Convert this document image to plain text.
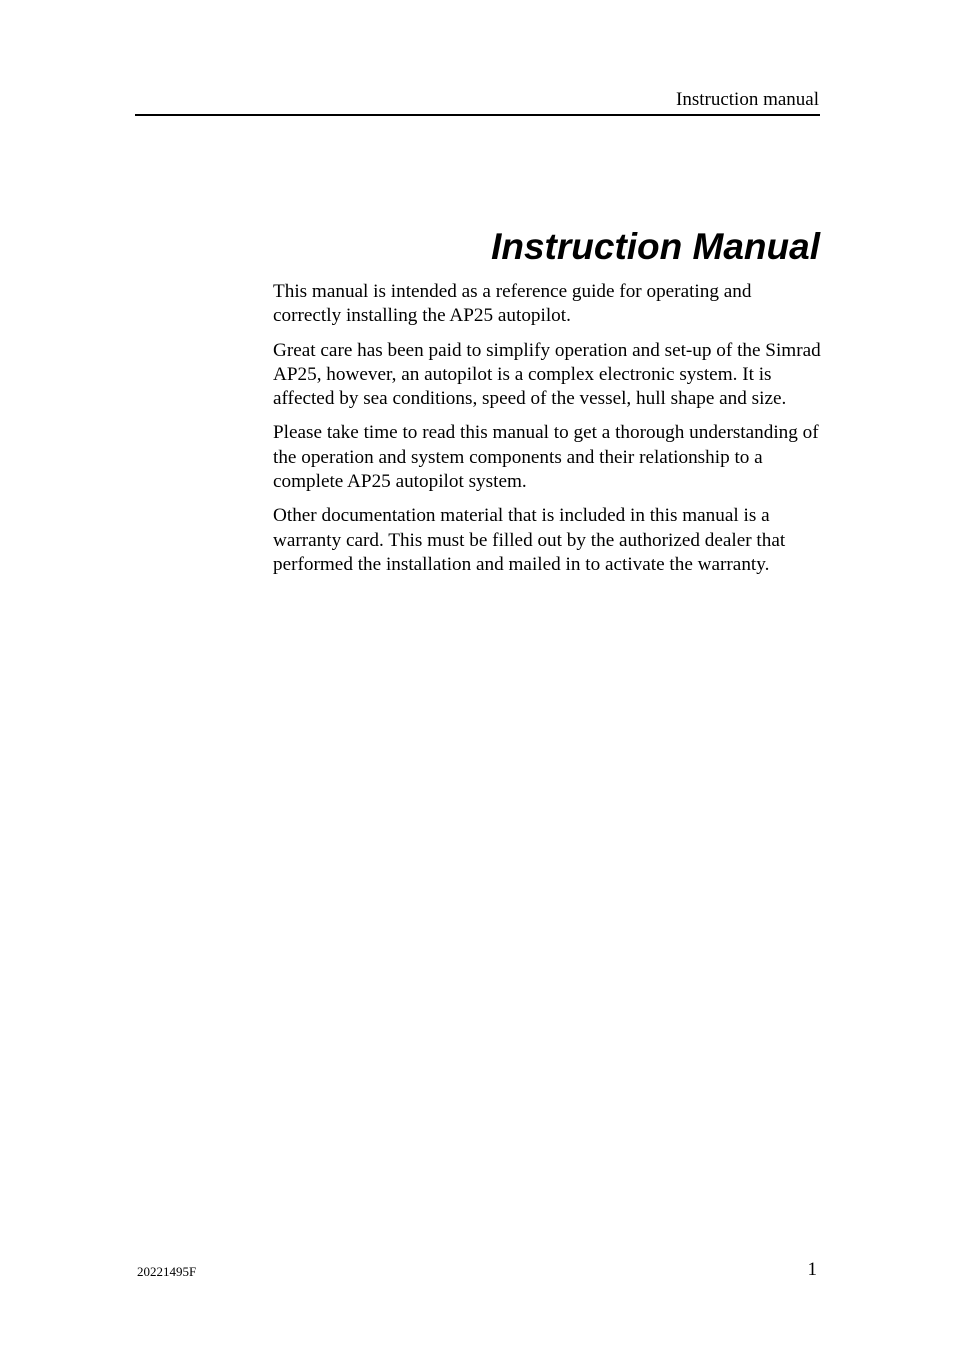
Instruction manual
Instruction Manual

This manual is intended as a reference guide for operating and correctly installing the AP25 autopilot.

Great care has been paid to simplify operation and set-up of the Simrad AP25, however, an autopilot is a complex electronic system. It is affected by sea conditions, speed of the vessel, hull shape and size.

Please take time to read this manual to get a thorough understanding of the operation and system components and their relationship to a complete AP25 autopilot system.

Other documentation material that is included in this manual is a warranty card. This must be filled out by the authorized dealer that performed the installation and mailed in to activate the warranty.

20221495F	1
